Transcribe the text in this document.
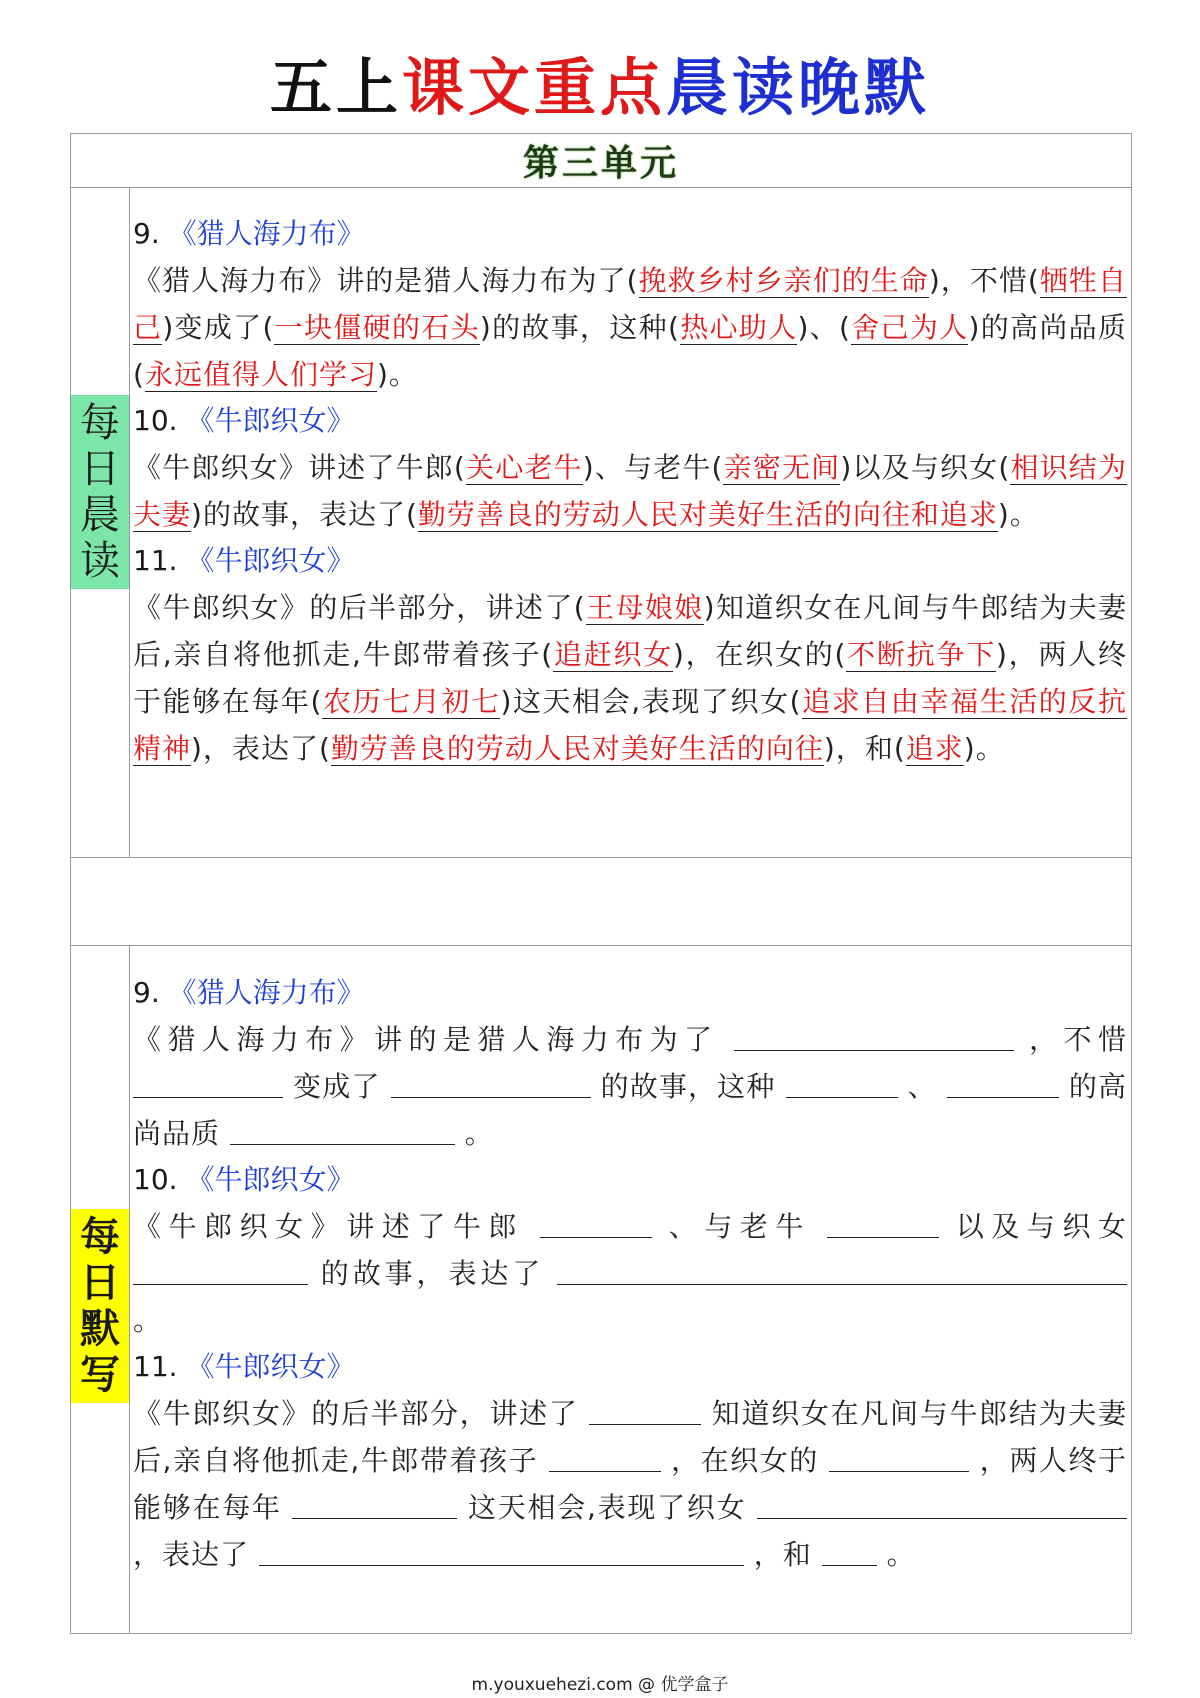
五上课文重点晨读晚默
第三单元
每
日
晨
读
9. 《猎人海力布》
《猎人海力布》讲的是猎人海力布为了(挽救乡村乡亲们的生命)，不惜(牺牲自己)变成了(一块僵硬的石头)的故事，这种(热心助人)、(舍己为人)的高尚品质(永远值得人们学习)。
10. 《牛郎织女》
《牛郎织女》讲述了牛郎(关心老牛)、与老牛(亲密无间)以及与织女(相识结为夫妻)的故事，表达了(勤劳善良的劳动人民对美好生活的向往和追求)。
11. 《牛郎织女》
《牛郎织女》的后半部分，讲述了(王母娘娘)知道织女在凡间与牛郎结为夫妻后,亲自将他抓走,牛郎带着孩子(追赶织女)，在织女的(不断抗争下)，两人终于能够在每年(农历七月初七)这天相会,表现了织女(追求自由幸福生活的反抗精神)，表达了(勤劳善良的劳动人民对美好生活的向往)，和(追求)。
每
日
默
写
9. 《猎人海力布》
《猎人海力布》讲的是猎人海力布为了	，不惜  变成了	的故事，这种	、	的高尚品质	。
10. 《牛郎织女》
《牛郎织女》讲述了牛郎	、与老牛	以及与织女  的故事，表达了  。
11. 《牛郎织女》
《牛郎织女》的后半部分，讲述了	知道织女在凡间与牛郎结为夫妻后,亲自将他抓走,牛郎带着孩子	，在织女的	，两人终于能够在每年	这天相会,表现了织女  ，表达了	，和  。
m.youxuehezi.com @ 优学盒子
